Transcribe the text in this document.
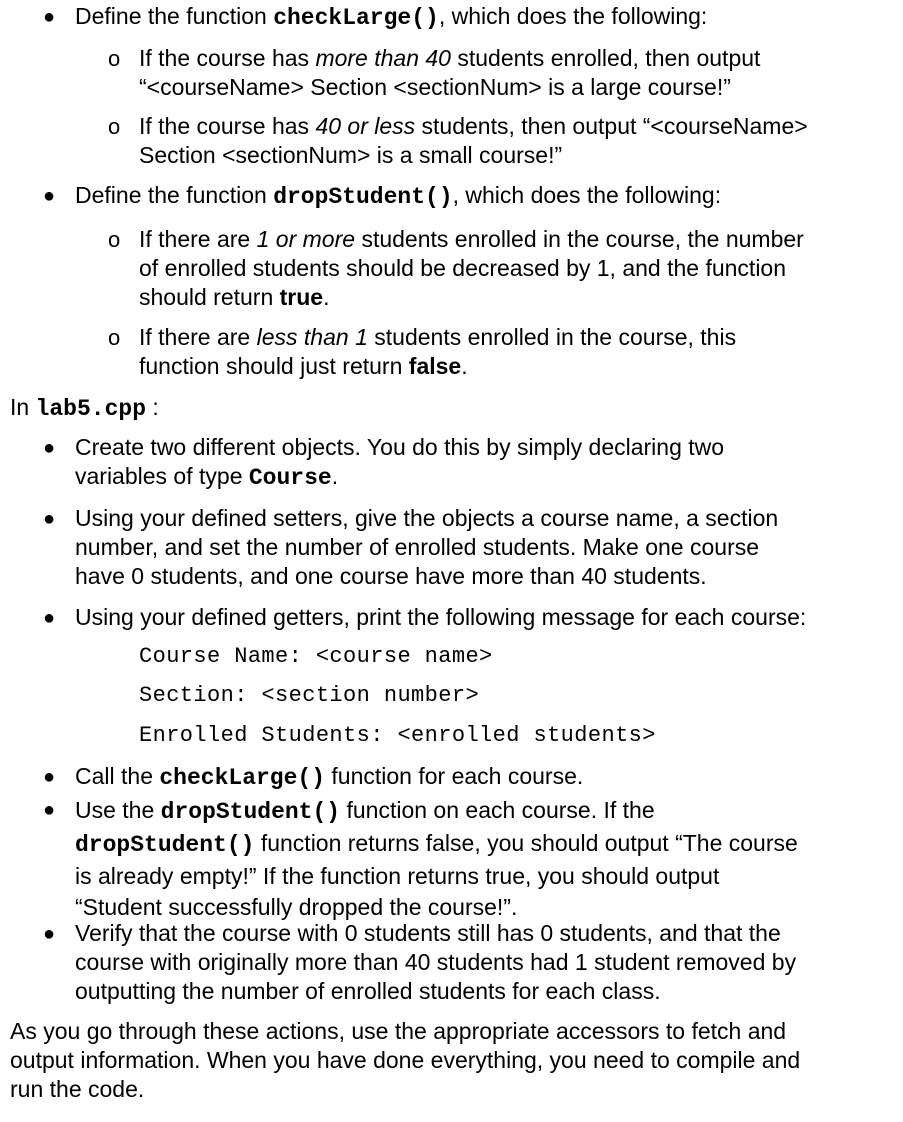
● Define the function checkLarge(), which does the following:
o If the course has more than 40 students enrolled, then output
“<courseName> Section <sectionNum> is a large course!”
o If the course has 40 or less students, then output “<courseName>
Section <sectionNum> is a small course!”
● Define the function dropStudent(), which does the following:
o If there are 1 or more students enrolled in the course, the number
of enrolled students should be decreased by 1, and the function
should return true.
o If there are less than 1 students enrolled in the course, this
function should just return false.
In lab5.cpp :
● Create two different objects. You do this by simply declaring two
variables of type Course.
● Using your defined setters, give the objects a course name, a section
number, and set the number of enrolled students. Make one course
have 0 students, and one course have more than 40 students.
● Using your defined getters, print the following message for each course:
Course Name: <course name>
Section: <section number>
Enrolled Students: <enrolled students>
● Call the checkLarge() function for each course.
● Use the dropStudent() function on each course. If the
dropStudent() function returns false, you should output “The course
is already empty!” If the function returns true, you should output
“Student successfully dropped the course!”.
● Verify that the course with 0 students still has 0 students, and that the
course with originally more than 40 students had 1 student removed by
outputting the number of enrolled students for each class.
As you go through these actions, use the appropriate accessors to fetch and
output information. When you have done everything, you need to compile and
run the code.
